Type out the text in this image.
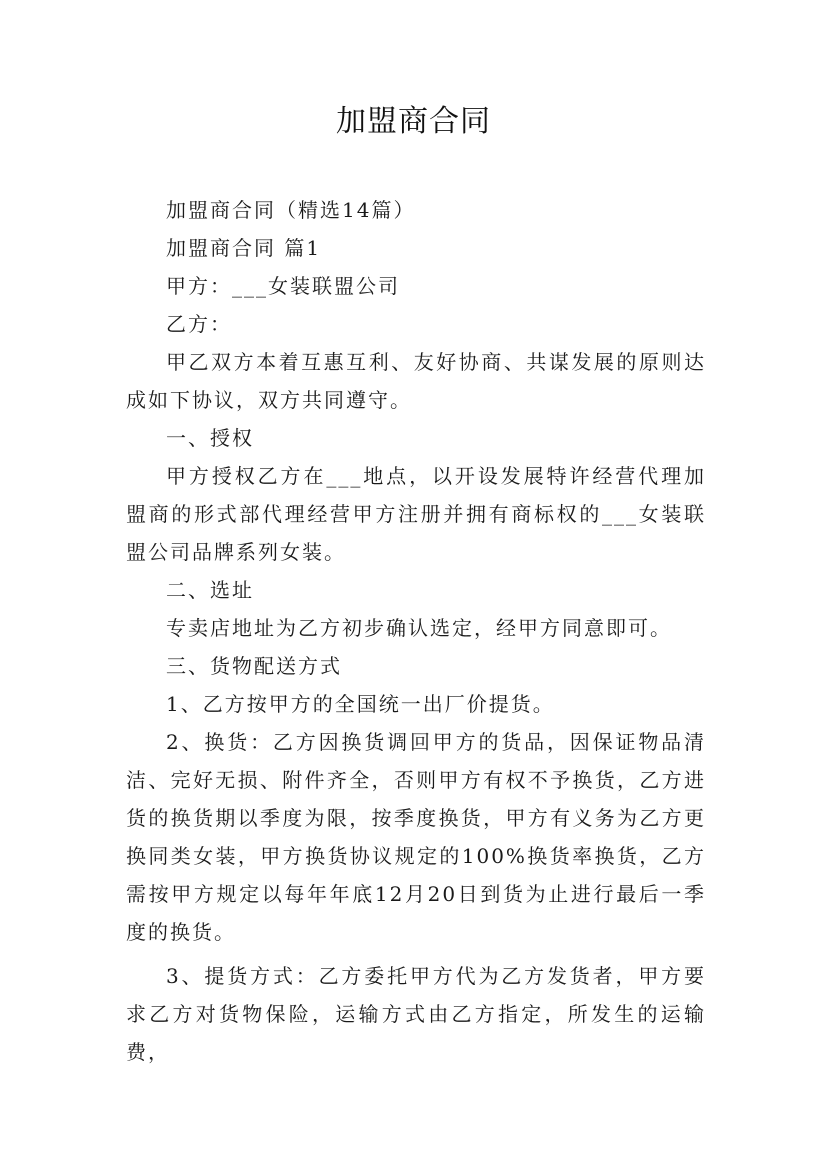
加盟商合同

加盟商合同（精选14篇）

加盟商合同 篇1

甲方：___女装联盟公司

乙方：

甲乙双方本着互惠互利、友好协商、共谋发展的原则达成如下协议，双方共同遵守。

一、授权

甲方授权乙方在___地点，以开设发展特许经营代理加盟商的形式部代理经营甲方注册并拥有商标权的___女装联盟公司品牌系列女装。

二、选址

专卖店地址为乙方初步确认选定，经甲方同意即可。

三、货物配送方式

1、乙方按甲方的全国统一出厂价提货。

2、换货：乙方因换货调回甲方的货品，因保证物品清洁、完好无损、附件齐全，否则甲方有权不予换货，乙方进货的换货期以季度为限，按季度换货，甲方有义务为乙方更换同类女装，甲方换货协议规定的100%换货率换货，乙方需按甲方规定以每年年底12月20日到货为止进行最后一季度的换货。

3、提货方式：乙方委托甲方代为乙方发货者，甲方要求乙方对货物保险，运输方式由乙方指定，所发生的运输费，
